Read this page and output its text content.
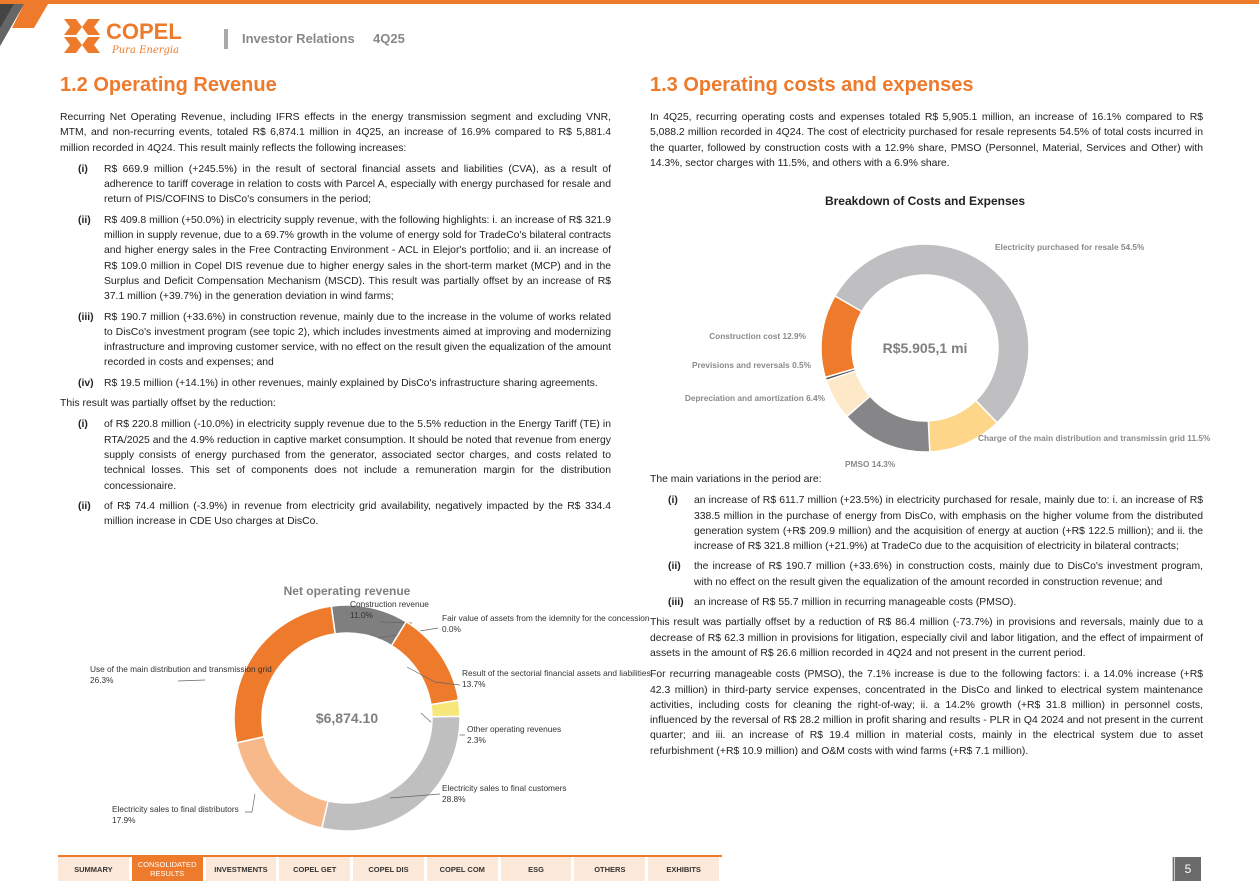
COPEL
Pura Energia
Investor Relations 4Q25
1.2 Operating Revenue	1.3 Operating costs and expenses

Recurring Net Operating Revenue, including IFRS effects in the energy transmission segment and excluding VNR, MTM, and non-recurring events, totaled R$ 6,874.1 million in 4Q25, an increase of 16.9% compared to R$ 5,881.4 million recorded in 4Q24. This result mainly reflects the following increases:

(i)	R$ 669.9 million (+245.5%) in the result of sectoral financial assets and liabilities (CVA), as a result of adherence to tariff coverage in relation to costs with Parcel A, especially with energy purchased for resale and return of PIS/COFINS to DisCo's consumers in the period;
(ii)	R$ 409.8 million (+50.0%) in electricity supply revenue, with the following highlights: i. an increase of R$ 321.9 million in supply revenue, due to a 69.7% growth in the volume of energy sold for TradeCo's bilateral contracts and higher energy sales in the Free Contracting Environment - ACL in Elejor's portfolio; and ii. an increase of R$ 109.0 million in Copel DIS revenue due to higher energy sales in the short-term market (MCP) and in the Surplus and Deficit Compensation Mechanism (MSCD). This result was partially offset by an increase of R$ 37.1 million (+39.7%) in the generation deviation in wind farms;
(iii)	R$ 190.7 million (+33.6%) in construction revenue, mainly due to the increase in the volume of works related to DisCo's investment program (see topic 2), which includes investments aimed at improving and modernizing infrastructure and improving customer service, with no effect on the result given the equalization of the amount recorded in costs and expenses; and
(iv)	R$ 19.5 million (+14.1%) in other revenues, mainly explained by DisCo's infrastructure sharing agreements.

This result was partially offset by the reduction:

(i)	of R$ 220.8 million (-10.0%) in electricity supply revenue due to the 5.5% reduction in the Energy Tariff (TE) in RTA/2025 and the 4.9% reduction in captive market consumption. It should be noted that revenue from energy supply consists of energy purchased from the generator, associated sector charges, and costs related to technical losses. This set of components does not include a remuneration margin for the distribution concessionaire.
(ii)	of R$ 74.4 million (-3.9%) in revenue from electricity grid availability, negatively impacted by the R$ 334.4 million increase in CDE Uso charges at DisCo.

In 4Q25, recurring operating costs and expenses totaled R$ 5,905.1 million, an increase of 16.1% compared to R$ 5,088.2 million recorded in 4Q24. The cost of electricity purchased for resale represents 54.5% of total costs incurred in the quarter, followed by construction costs with a 12.9% share, PMSO (Personnel, Material, Services and Other) with 14.3%, sector charges with 11.5%, and others with a 6.9% share.

The main variations in the period are:

(i)	an increase of R$ 611.7 million (+23.5%) in electricity purchased for resale, mainly due to: i. an increase of R$ 338.5 million in the purchase of energy from DisCo, with emphasis on the higher volume from the distributed generation system (+R$ 209.9 million) and the acquisition of energy at auction (+R$ 122.5 million); and ii. the increase of R$ 321.8 million (+21.9%) at TradeCo due to the acquisition of electricity in bilateral contracts;
(ii)	the increase of R$ 190.7 million (+33.6%) in construction costs, mainly due to DisCo's investment program, with no effect on the result given the equalization of the amount recorded in construction revenue; and
(iii)	an increase of R$ 55.7 million in recurring manageable costs (PMSO).

This result was partially offset by a reduction of R$ 86.4 million (-73.7%) in provisions and reversals, mainly due to a decrease of R$ 62.3 million in provisions for litigation, especially civil and labor litigation, and the effect of impairment of assets in the amount of R$ 26.6 million recorded in 4Q24 and not present in the current period.

For recurring manageable costs (PMSO), the 7.1% increase is due to the following factors: i. a 14.0% increase (+R$ 42.3 million) in third-party service expenses, concentrated in the DisCo and linked to electrical system maintenance activities, including costs for cleaning the right-of-way; ii. a 14.2% growth (+R$ 31.8 million) in personnel costs, influenced by the reversal of R$ 28.2 million in profit sharing and results - PLR in Q4 2024 and not present in the current quarter; and iii. an increase of R$ 19.4 million in material costs, mainly in the electrical system due to asset refurbishment (+R$ 10.9 million) and O&M costs with wind farms (+R$ 7.1 million).

Net operating revenue
Construction revenue
11.0%	Fair value of assets from the idemnity for the concession
0.0%
Result of the sectorial financial assets and liabilities
13.7%
Other operating revenues
2.3%
Electricity sales to final customers
28.8%
Electricity sales to final distributors
17.9%
Use of the main distribution and transmission grid
26.3%
$6,874.10
Breakdown of Costs and Expenses
Electricity purchased for resale 54.5%
Charge of the main distribution and transmissin grid 11.5%
PMSO 14.3%
Depreciation and amortization 6.4%
Previsions and reversals 0.5%
Construction cost 12.9%
R$5.905,1 mi
SUMMARY	CONSOLIDATED RESULTS	INVESTMENTS	COPEL GET	COPEL DIS	COPEL COM	ESG	OTHERS	EXHIBITS	5
